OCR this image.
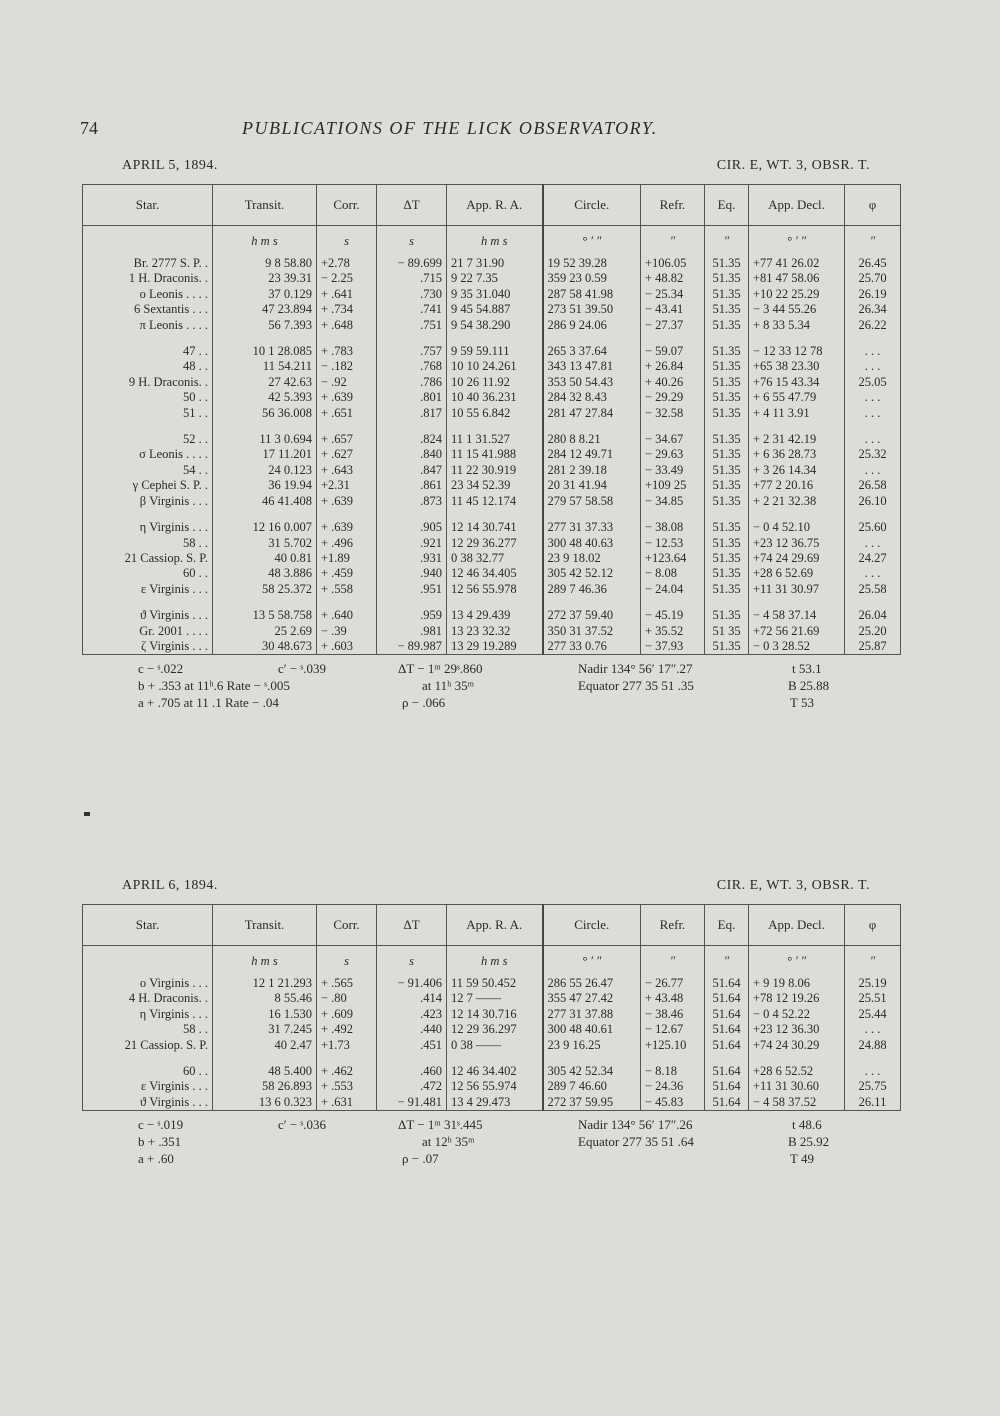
74	PUBLICATIONS OF THE LICK OBSERVATORY.
APRIL 5, 1894.	CIR. E, WT. 3, OBSR. T.
Star.	Transit.	Corr.	ΔT	App. R. A.	Circle.	Refr.	Eq.	App. Decl.	φ
	h m s	s	s	h m s	° ′ ″	″	″	° ′ ″	″
Br. 2777 S. P. .	9 8 58.80	+2.78	− 89.699	21 7 31.90	19 52 39.28	+106.05	51.35	+77 41 26.02	26.45
1 H. Draconis. .	23 39.31	− 2.25	.715	9 22 7.35	359 23 0.59	+ 48.82	51.35	+81 47 58.06	25.70
ο Leonis . . . .	37 0.129	+ .641	.730	9 35 31.040	287 58 41.98	− 25.34	51.35	+10 22 25.29	26.19
6 Sextantis . . .	47 23.894	+ .734	.741	9 45 54.887	273 51 39.50	− 43.41	51.35	− 3 44 55.26	26.34
π Leonis . . . .	56 7.393	+ .648	.751	9 54 38.290	286 9 24.06	− 27.37	51.35	+ 8 33 5.34	26.22

47 . .	10 1 28.085	+ .783	.757	9 59 59.111	265 3 37.64	− 59.07	51.35	− 12 33 12 78	. . .
48 . .	11 54.211	− .182	.768	10 10 24.261	343 13 47.81	+ 26.84	51.35	+65 38 23.30	. . .
9 H. Draconis. .	27 42.63	− .92	.786	10 26 11.92	353 50 54.43	+ 40.26	51.35	+76 15 43.34	25.05
50 . .	42 5.393	+ .639	.801	10 40 36.231	284 32 8.43	− 29.29	51.35	+ 6 55 47.79	. . .
51 . .	56 36.008	+ .651	.817	10 55 6.842	281 47 27.84	− 32.58	51.35	+ 4 11 3.91	. . .

52 . .	11 3 0.694	+ .657	.824	11 1 31.527	280 8 8.21	− 34.67	51.35	+ 2 31 42.19	. . .
σ Leonis . . . .	17 11.201	+ .627	.840	11 15 41.988	284 12 49.71	− 29.63	51.35	+ 6 36 28.73	25.32
54 . .	24 0.123	+ .643	.847	11 22 30.919	281 2 39.18	− 33.49	51.35	+ 3 26 14.34	. . .
γ Cephei S. P. .	36 19.94	+2.31	.861	23 34 52.39	20 31 41.94	+109 25	51.35	+77 2 20.16	26.58
β Virginis . . .	46 41.408	+ .639	.873	11 45 12.174	279 57 58.58	− 34.85	51.35	+ 2 21 32.38	26.10

η Virginis . . .	12 16 0.007	+ .639	.905	12 14 30.741	277 31 37.33	− 38.08	51.35	− 0 4 52.10	25.60
58 . .	31 5.702	+ .496	.921	12 29 36.277	300 48 40.63	− 12.53	51.35	+23 12 36.75	. . .
21 Cassiop. S. P.	40 0.81	+1.89	.931	0 38 32.77	23 9 18.02	+123.64	51.35	+74 24 29.69	24.27
60 . .	48 3.886	+ .459	.940	12 46 34.405	305 42 52.12	− 8.08	51.35	+28 6 52.69	. . .
ε Virginis . . .	58 25.372	+ .558	.951	12 56 55.978	289 7 46.36	− 24.04	51.35	+11 31 30.97	25.58

ϑ Virginis . . .	13 5 58.758	+ .640	.959	13 4 29.439	272 37 59.40	− 45.19	51.35	− 4 58 37.14	26.04
Gr. 2001 . . . .	25 2.69	− .39	.981	13 23 32.32	350 31 37.52	+ 35.52	51 35	+72 56 21.69	25.20
ζ Virginis . . .	30 48.673	+ .603	− 89.987	13 29 19.289	277 33 0.76	− 37.93	51.35	− 0 3 28.52	25.87
c − ˢ.022	c′ − ˢ.039	ΔT − 1ᵐ 29ˢ.860	Nadir 134° 56′ 17″.27	t 53.1
b + .353 at 11ʰ.6 Rate − ˢ.005	at 11ʰ 35ᵐ	Equator 277 35 51 .35	B 25.88
a + .705 at 11 .1 Rate − .04	ρ − .066	T 53
APRIL 6, 1894.	CIR. E, WT. 3, OBSR. T.
Star.	Transit.	Corr.	ΔT	App. R. A.	Circle.	Refr.	Eq.	App. Decl.	φ
	h m s	s	s	h m s	° ′ ″	″	″	° ′ ″	″
ο Virginis . . .	12 1 21.293	+ .565	− 91.406	11 59 50.452	286 55 26.47	− 26.77	51.64	+ 9 19 8.06	25.19
4 H. Draconis. .	8 55.46	− .80	.414	12 7 ——	355 47 27.42	+ 43.48	51.64	+78 12 19.26	25.51
η Virginis . . .	16 1.530	+ .609	.423	12 14 30.716	277 31 37.88	− 38.46	51.64	− 0 4 52.22	25.44
58 . .	31 7.245	+ .492	.440	12 29 36.297	300 48 40.61	− 12.67	51.64	+23 12 36.30	. . .
21 Cassiop. S. P.	40 2.47	+1.73	.451	0 38 ——	23 9 16.25	+125.10	51.64	+74 24 30.29	24.88

60 . .	48 5.400	+ .462	.460	12 46 34.402	305 42 52.34	− 8.18	51.64	+28 6 52.52	. . .
ε Virginis . . .	58 26.893	+ .553	.472	12 56 55.974	289 7 46.60	− 24.36	51.64	+11 31 30.60	25.75
ϑ Virginis . . .	13 6 0.323	+ .631	− 91.481	13 4 29.473	272 37 59.95	− 45.83	51.64	− 4 58 37.52	26.11
c − ˢ.019	c′ − ˢ.036	ΔT − 1ᵐ 31ˢ.445	Nadir 134° 56′ 17″.26	t 48.6
b + .351	at 12ʰ 35ᵐ	Equator 277 35 51 .64	B 25.92
a + .60	ρ − .07	T 49
